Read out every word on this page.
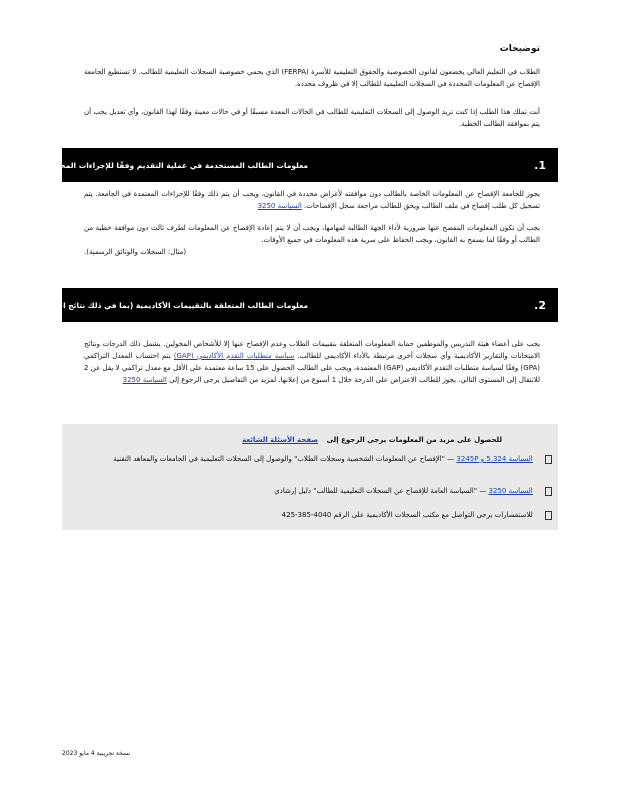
توضيحات

الطلاب في التعليم العالي يخضعون لقانون الخصوصية والحقوق التعليمية للأسرة (FERPA) الذي يحمي خصوصية السجلات التعليمية للطالب. لا تستطيع الجامعة الإفصاح عن المعلومات المحددة في السجلات التعليمية للطالب إلا في ظروف محددة.

أنت تملك هذا الطلب إذا كنت تريد الوصول إلى السجلات التعليمية للطالب في الحالات المعدة مسبقًا أو في حالات معينة وفقًا لهذا القانون، وأي تعديل يجب أن يتم بموافقة الطالب الخطية.

1.
معلومات الطالب المستخدمة في عملية التقديم وفقًا للإجراءات المحددة

يجوز للجامعة الإفصاح عن المعلومات الخاصة بالطالب دون موافقته لأغراض محددة في القانون، ويجب أن يتم ذلك وفقًا للإجراءات المعتمدة في الجامعة. يتم تسجيل كل طلب إفصاح في ملف الطالب ويحق للطالب مراجعة سجل الإفصاحات. السياسة 3250

يجب أن تكون المعلومات المفصح عنها ضرورية لأداء الجهة الطالبة لمهامها، ويجب أن لا يتم إعادة الإفصاح عن المعلومات لطرف ثالث دون موافقة خطية من الطالب أو وفقًا لما يسمح به القانون، ويجب الحفاظ على سرية هذه المعلومات في جميع الأوقات.

(مثال: السجلات والوثائق الرسمية).

2.
معلومات الطالب المتعلقة بالتقييمات الأكاديمية (بما في ذلك نتائج اختبارات القبول)

يجب على أعضاء هيئة التدريس والموظفين حماية المعلومات المتعلقة بتقييمات الطلاب وعدم الإفصاح عنها إلا للأشخاص المخولين. يشمل ذلك الدرجات ونتائج الامتحانات والتقارير الأكاديمية وأي سجلات أخرى مرتبطة بالأداء الأكاديمي للطالب. سياسة متطلبات التقدم الأكاديمي (GAP) يتم احتساب المعدل التراكمي (GPA) وفقًا لسياسة متطلبات التقدم الأكاديمي (GAP) المعتمدة، ويجب على الطالب الحصول على 15 ساعة معتمدة على الأقل مع معدل تراكمي لا يقل عن 2 للانتقال إلى المستوى التالي. يجوز للطالب الاعتراض على الدرجة خلال 1 أسبوع من إعلانها. لمزيد من التفاصيل يرجى الرجوع إلى السياسة 3250

للحصول على مزيد من المعلومات يرجى الرجوع إلى صفحة الأسئلة الشائعة
السياسة 5.324 و 3245P — "الإفصاح عن المعلومات الشخصية وسجلات الطلاب" والوصول إلى السجلات التعليمية في الجامعات والمعاهد التقنية
السياسة 3250 — "السياسة العامة للإفصاح عن السجلات التعليمية للطالب" دليل إرشادي
للاستفسارات يرجى التواصل مع مكتب السجلات الأكاديمية على الرقم 4040-385-425
نسخة تجريبية 4 مايو 2023
